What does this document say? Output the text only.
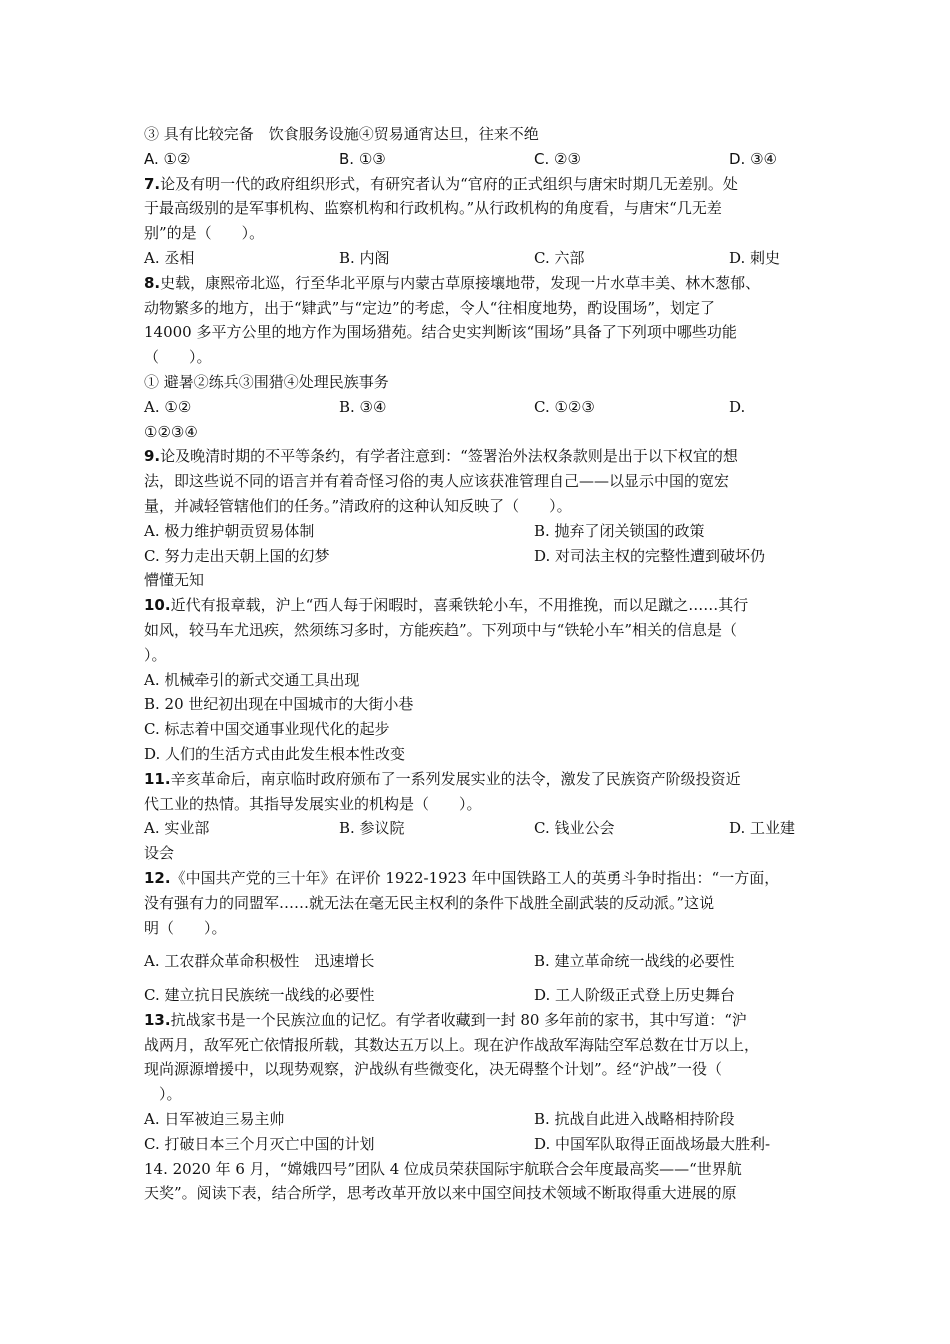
③ 具有比较完备　饮食服务设施④贸易通宵达旦，往来不绝
A. ①②	B. ①③	C. ②③	D. ③④
7.论及有明一代的政府组织形式，有研究者认为“官府的正式组织与唐宋时期几无差别。处
于最高级别的是军事机构、监察机构和行政机构。”从行政机构的角度看，与唐宋“几无差
别”的是（　　）。
A. 丞相	B. 内阁	C. 六部	D. 刺史
8.史载，康熙帝北巡，行至华北平原与内蒙古草原接壤地带，发现一片水草丰美、林木葱郁、
动物繁多的地方，出于“肄武”与“定边”的考虑，令人“往相度地势，酌设围场”，划定了
14000 多平方公里的地方作为围场猎苑。结合史实判断该“围场”具备了下列项中哪些功能
（　　）。
① 避暑②练兵③围猎④处理民族事务
A. ①②	B. ③④	C. ①②③	D.
①②③④
9.论及晚清时期的不平等条约，有学者注意到：“签署治外法权条款则是出于以下权宜的想
法，即这些说不同的语言并有着奇怪习俗的夷人应该获准管理自己——以显示中国的宽宏
量，并减轻管辖他们的任务。”清政府的这种认知反映了（　　）。
A. 极力维护朝贡贸易体制	B. 抛弃了闭关锁国的政策
C. 努力走出天朝上国的幻梦	D. 对司法主权的完整性遭到破坏仍
懵懂无知
10.近代有报章载，沪上“西人每于闲暇时，喜乘铁轮小车，不用推挽，而以足蹴之……其行
如风，较马车尤迅疾，然须练习多时，方能疾趋”。下列项中与“铁轮小车”相关的信息是（
）。
A. 机械牵引的新式交通工具出现
B. 20 世纪初出现在中国城市的大街小巷
C. 标志着中国交通事业现代化的起步
D. 人们的生活方式由此发生根本性改变
11.辛亥革命后，南京临时政府颁布了一系列发展实业的法令，激发了民族资产阶级投资近
代工业的热情。其指导发展实业的机构是（　　）。
A. 实业部	B. 参议院	C. 钱业公会	D. 工业建
设会
12.《中国共产党的三十年》在评价 1922-1923 年中国铁路工人的英勇斗争时指出：“一方面，
没有强有力的同盟军……就无法在毫无民主权利的条件下战胜全副武装的反动派。”这说
明（　　）。
A. 工农群众革命积极性　迅速增长	B. 建立革命统一战线的必要性
C. 建立抗日民族统一战线的必要性	D. 工人阶级正式登上历史舞台
13.抗战家书是一个民族泣血的记忆。有学者收藏到一封 80 多年前的家书，其中写道：“沪
战两月，敌军死亡依情报所载，其数达五万以上。现在沪作战敌军海陆空军总数在廿万以上，
现尚源源增援中，以现势观察，沪战纵有些微变化，决无碍整个计划”。经“沪战”一役（
　）。
A. 日军被迫三易主帅	B. 抗战自此进入战略相持阶段
C. 打破日本三个月灭亡中国的计划	D. 中国军队取得正面战场最大胜利-
14. 2020 年 6 月，“嫦娥四号”团队 4 位成员荣获国际宇航联合会年度最高奖——“世界航
天奖”。阅读下表，结合所学，思考改革开放以来中国空间技术领域不断取得重大进展的原
